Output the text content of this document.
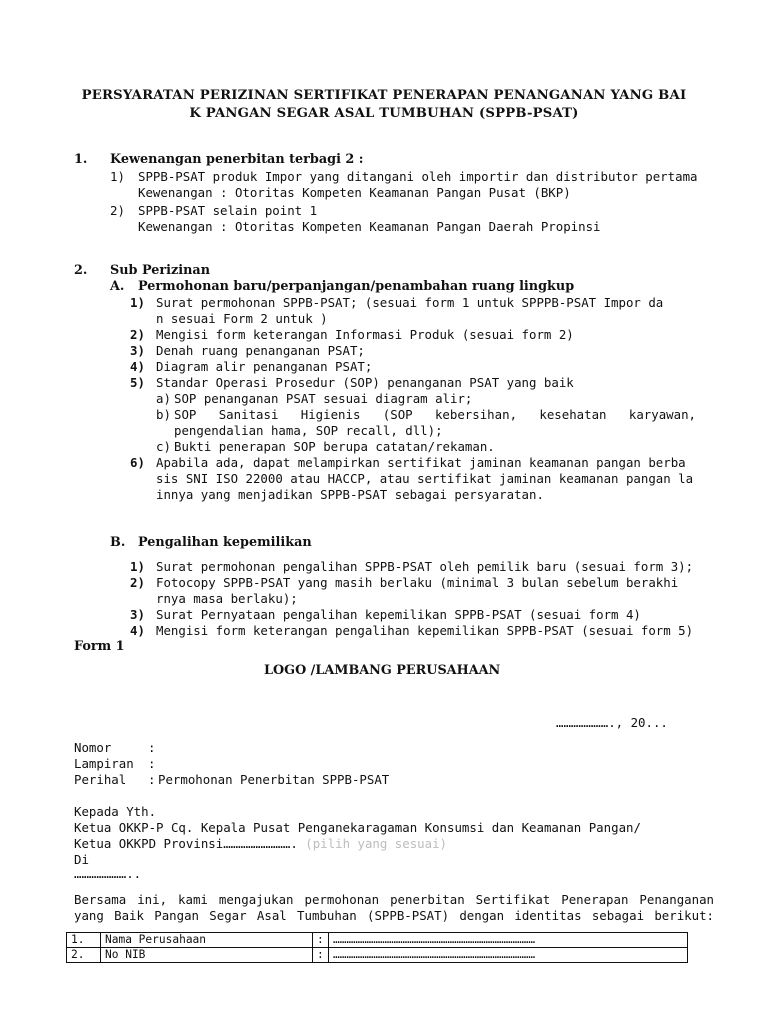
PERSYARATAN PERIZINAN SERTIFIKAT PENERAPAN PENANGANAN YANG BAI
K PANGAN SEGAR ASAL TUMBUHAN (SPPB-PSAT)
1. Kewenangan penerbitan terbagi 2 :
1) SPPB-PSAT produk Impor yang ditangani oleh importir dan distributor pertama
Kewenangan : Otoritas Kompeten Keamanan Pangan Pusat (BKP)
2) SPPB-PSAT selain point 1
Kewenangan : Otoritas Kompeten Keamanan Pangan Daerah Propinsi
2. Sub Perizinan
A. Permohonan baru/perpanjangan/penambahan ruang lingkup
1) Surat permohonan SPPB-PSAT; (sesuai form 1 untuk SPPPB-PSAT Impor da
n sesuai Form 2 untuk )
2) Mengisi form keterangan Informasi Produk (sesuai form 2)
3) Denah ruang penanganan PSAT;
4) Diagram alir penanganan PSAT;
5) Standar Operasi Prosedur (SOP) penanganan PSAT yang baik
a) SOP penanganan PSAT sesuai diagram alir;
b) SOP Sanitasi Higienis (SOP kebersihan, kesehatan karyawan,
pengendalian hama, SOP recall, dll);
c) Bukti penerapan SOP berupa catatan/rekaman.
6) Apabila ada, dapat melampirkan sertifikat jaminan keamanan pangan berba
sis SNI ISO 22000 atau HACCP, atau sertifikat jaminan keamanan pangan la
innya yang menjadikan SPPB-PSAT sebagai persyaratan.
B. Pengalihan kepemilikan
1) Surat permohonan pengalihan SPPB-PSAT oleh pemilik baru (sesuai form 3);
2) Fotocopy SPPB-PSAT yang masih berlaku (minimal 3 bulan sebelum berakhi
rnya masa berlaku);
3) Surat Pernyataan pengalihan kepemilikan SPPB-PSAT (sesuai form 4)
4) Mengisi form keterangan pengalihan kepemilikan SPPB-PSAT (sesuai form 5)
Form 1
LOGO /LAMBANG PERUSAHAAN
…………………., 20...
Nomor	:
Lampiran :
Perihal : Permohonan Penerbitan SPPB-PSAT
Kepada Yth.
Ketua OKKP-P Cq. Kepala Pusat Penganekaragaman Konsumsi dan Keamanan Pangan/
Ketua OKKPD Provinsi………………………. (pilih yang sesuai)
Di
…………………..
Bersama ini, kami mengajukan permohonan penerbitan Sertifikat Penerapan Penanganan
yang Baik Pangan Segar Asal Tumbuhan (SPPB-PSAT) dengan identitas sebagai berikut:
1.	Nama Perusahaan	:	………………………………………………………………………………
2.	No NIB	:	………………………………………………………………………………
